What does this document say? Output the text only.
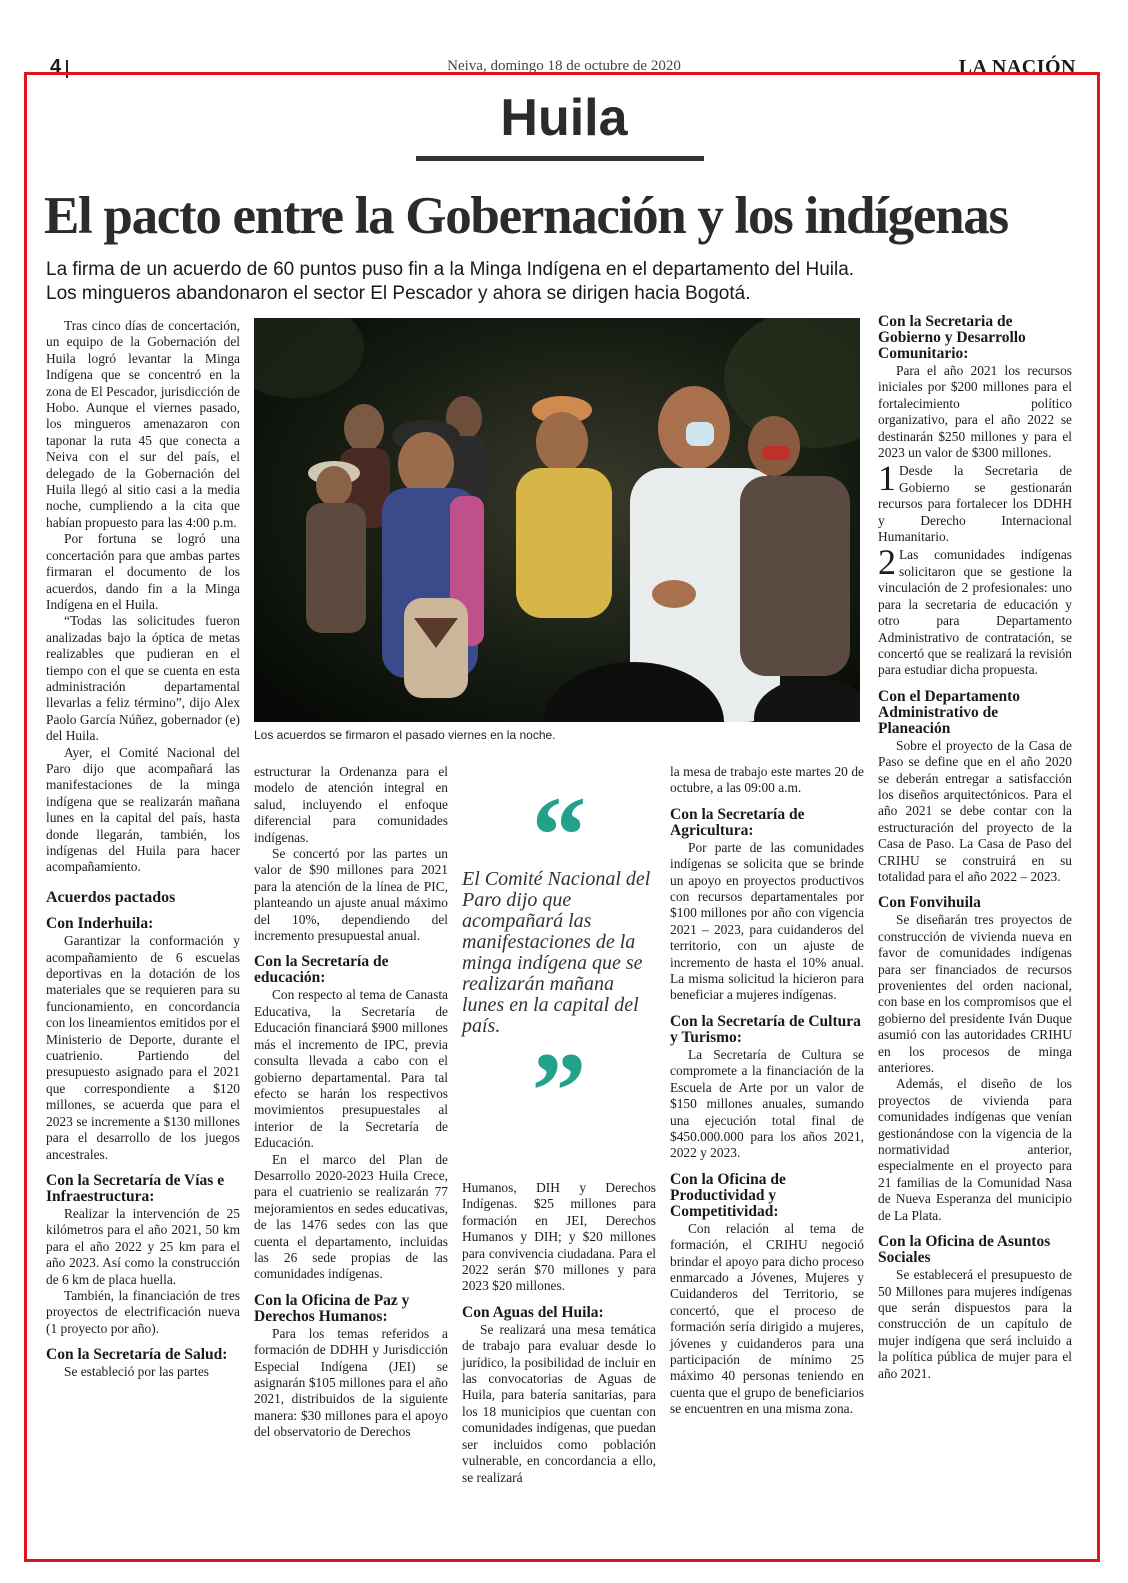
4	Neiva, domingo 18 de octubre de 2020	LA NACIÓN
Huila
El pacto entre la Gobernación y los indígenas
La firma de un acuerdo de 60 puntos puso fin a la Minga Indígena en el departamento del Huila.
Los mingueros abandonaron el sector El Pescador y ahora se dirigen hacia Bogotá.
Los acuerdos se firmaron el pasado viernes en la noche.

Tras cinco días de concertación, un equipo de la Gobernación del Huila logró levantar la Minga Indígena que se concentró en la zona de El Pescador, jurisdicción de Hobo. Aunque el viernes pasado, los mingueros amenazaron con taponar la ruta 45 que conecta a Neiva con el sur del país, el delegado de la Gobernación del Huila llegó al sitio casi a la media noche, cumpliendo a la cita que habían propuesto para las 4:00 p.m.

Por fortuna se logró una concertación para que ambas partes firmaran el documento de los acuerdos, dando fin a la Minga Indígena en el Huila.

“Todas las solicitudes fueron analizadas bajo la óptica de metas realizables que pudieran en el tiempo con el que se cuenta en esta administración departamental llevarlas a feliz término”, dijo Alex Paolo García Núñez, gobernador (e) del Huila.

Ayer, el Comité Nacional del Paro dijo que acompañará las manifestaciones de la minga indígena que se realizarán mañana lunes en la capital del país, hasta donde llegarán, también, los indígenas del Huila para hacer acompañamiento.

Acuerdos pactados
Con Inderhuila:

Garantizar la conformación y acompañamiento de 6 escuelas deportivas en la dotación de los materiales que se requieren para su funcionamiento, en concordancia con los lineamientos emitidos por el Ministerio de Deporte, durante el cuatrienio. Partiendo del presupuesto asignado para el 2021 que correspondiente a $120 millones, se acuerda que para el 2023 se incremente a $130 millones para el desarrollo de los juegos ancestrales.

Con la Secretaría de Vías e Infraestructura:

Realizar la intervención de 25 kilómetros para el año 2021, 50 km para el año 2022 y 25 km para el año 2023. Así como la construcción de 6 km de placa huella.

También, la financiación de tres proyectos de electrificación nueva (1 proyecto por año).

Con la Secretaría de Salud:

Se estableció por las partes

estructurar la Ordenanza para el modelo de atención integral en salud, incluyendo el enfoque diferencial para comunidades indígenas.

Se concertó por las partes un valor de $90 millones para 2021 para la atención de la línea de PIC, planteando un ajuste anual máximo del 10%, dependiendo del incremento presupuestal anual.

Con la Secretaría de educación:

Con respecto al tema de Canasta Educativa, la Secretaría de Educación financiará $900 millones más el incremento de IPC, previa consulta llevada a cabo con el gobierno departamental. Para tal efecto se harán los respectivos movimientos presupuestales al interior de la Secretaría de Educación.

En el marco del Plan de Desarrollo 2020-2023 Huila Crece, para el cuatrienio se realizarán 77 mejoramientos en sedes educativas, de las 1476 sedes con las que cuenta el departamento, incluidas las 26 sede propias de las comunidades indígenas.

Con la Oficina de Paz y Derechos Humanos:

Para los temas referidos a formación de DDHH y Jurisdicción Especial Indígena (JEI) se asignarán $105 millones para el año 2021, distribuidos de la siguiente manera: $30 millones para el apoyo del observatorio de Derechos

“
El Comité Nacional del Paro dijo que acompañará las manifestaciones de la minga indígena que se realizarán mañana lunes en la capital del país.
”

Humanos, DIH y Derechos Indígenas. $25 millones para formación en JEI, Derechos Humanos y DIH; y $20 millones para convivencia ciudadana. Para el 2022 serán $70 millones y para 2023 $20 millones.

Con Aguas del Huila:

Se realizará una mesa temática de trabajo para evaluar desde lo jurídico, la posibilidad de incluir en las convocatorias de Aguas de Huila, para batería sanitarias, para los 18 municipios que cuentan con comunidades indígenas, que puedan ser incluidos como población vulnerable, en concordancia a ello, se realizará

la mesa de trabajo este martes 20 de octubre, a las 09:00 a.m.

Con la Secretaría de Agricultura:

Por parte de las comunidades indígenas se solicita que se brinde un apoyo en proyectos productivos con recursos departamentales por $100 millones por año con vigencia 2021 – 2023, para cuidanderos del territorio, con un ajuste de incremento de hasta el 10% anual. La misma solicitud la hicieron para beneficiar a mujeres indígenas.

Con la Secretaría de Cultura y Turismo:

La Secretaría de Cultura se compromete a la financiación de la Escuela de Arte por un valor de $150 millones anuales, sumando una ejecución total final de $450.000.000 para los años 2021, 2022 y 2023.

Con la Oficina de Productividad y Competitividad:

Con relación al tema de formación, el CRIHU negoció brindar el apoyo para dicho proceso enmarcado a Jóvenes, Mujeres y Cuidanderos del Territorio, se concertó, que el proceso de formación sería dirigido a mujeres, jóvenes y cuidanderos para una participación de mínimo 25 máximo 40 personas teniendo en cuenta que el grupo de beneficiarios se encuentren en una misma zona.

Con la Secretaria de Gobierno y Desarrollo Comunitario:

Para el año 2021 los recursos iniciales por $200 millones para el fortalecimiento político organizativo, para el año 2022 se destinarán $250 millones y para el 2023 un valor de $300 millones.

1 Desde la Secretaria de Gobierno se gestionarán recursos para fortalecer los DDHH y Derecho Internacional Humanitario.
2 Las comunidades indígenas solicitaron que se gestione la vinculación de 2 profesionales: uno para la secretaria de educación y otro para Departamento Administrativo de contratación, se concertó que se realizará la revisión para estudiar dicha propuesta.
Con el Departamento Administrativo de Planeación

Sobre el proyecto de la Casa de Paso se define que en el año 2020 se deberán entregar a satisfacción los diseños arquitectónicos. Para el año 2021 se debe contar con la estructuración del proyecto de la Casa de Paso. La Casa de Paso del CRIHU se construirá en su totalidad para el año 2022 – 2023.

Con Fonvihuila

Se diseñarán tres proyectos de construcción de vivienda nueva en favor de comunidades indígenas para ser financiados de recursos provenientes del orden nacional, con base en los compromisos que el gobierno del presidente Iván Duque asumió con las autoridades CRIHU en los procesos de minga anteriores.

Además, el diseño de los proyectos de vivienda para comunidades indígenas que venían gestionándose con la vigencia de la normatividad anterior, especialmente en el proyecto para 21 familias de la Comunidad Nasa de Nueva Esperanza del municipio de La Plata.

Con la Oficina de Asuntos Sociales

Se establecerá el presupuesto de 50 Millones para mujeres indígenas que serán dispuestos para la construcción de un capítulo de mujer indígena que será incluido a la política pública de mujer para el año 2021.
